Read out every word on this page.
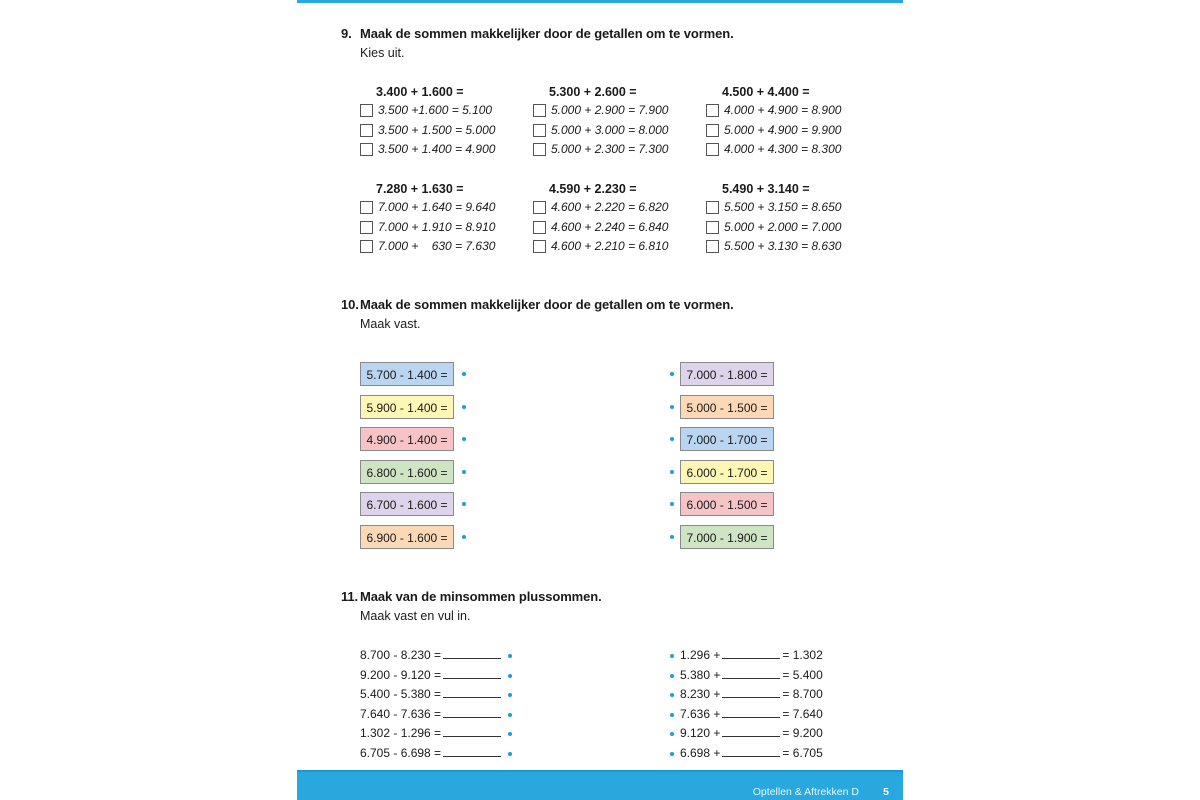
9. Maak de sommen makkelijker door de getallen om te vormen.
Kies uit.
3.400 + 1.600 =
3.500 +1.600 = 5.100
3.500 + 1.500 = 5.000
3.500 + 1.400 = 4.900
5.300 + 2.600 =
5.000 + 2.900 = 7.900
5.000 + 3.000 = 8.000
5.000 + 2.300 = 7.300
4.500 + 4.400 =
4.000 + 4.900 = 8.900
5.000 + 4.900 = 9.900
4.000 + 4.300 = 8.300
7.280 + 1.630 =
7.000 + 1.640 = 9.640
7.000 + 1.910 = 8.910
7.000 +    630 = 7.630
4.590 + 2.230 =
4.600 + 2.220 = 6.820
4.600 + 2.240 = 6.840
4.600 + 2.210 = 6.810
5.490 + 3.140 =
5.500 + 3.150 = 8.650
5.000 + 2.000 = 7.000
5.500 + 3.130 = 8.630
10.Maak de sommen makkelijker door de getallen om te vormen.
Maak vast.
5.700 - 1.400 =
5.900 - 1.400 =
4.900 - 1.400 =
6.800 - 1.600 =
6.700 - 1.600 =
6.900 - 1.600 =
7.000 - 1.800 =
5.000 - 1.500 =
7.000 - 1.700 =
6.000 - 1.700 =
6.000 - 1.500 =
7.000 - 1.900 =
11. Maak van de minsommen plussommen.
Maak vast en vul in.
8.700 - 8.230 =
9.200 - 9.120 =
5.400 - 5.380 =
7.640 - 7.636 =
1.302 - 1.296 =
6.705 - 6.698 =
1.296 +	= 1.302
5.380 +	= 5.400
8.230 +	= 8.700
7.636 +	= 7.640
9.120 +	= 9.200
6.698 +	= 6.705
Optellen & Aftrekken D 5
